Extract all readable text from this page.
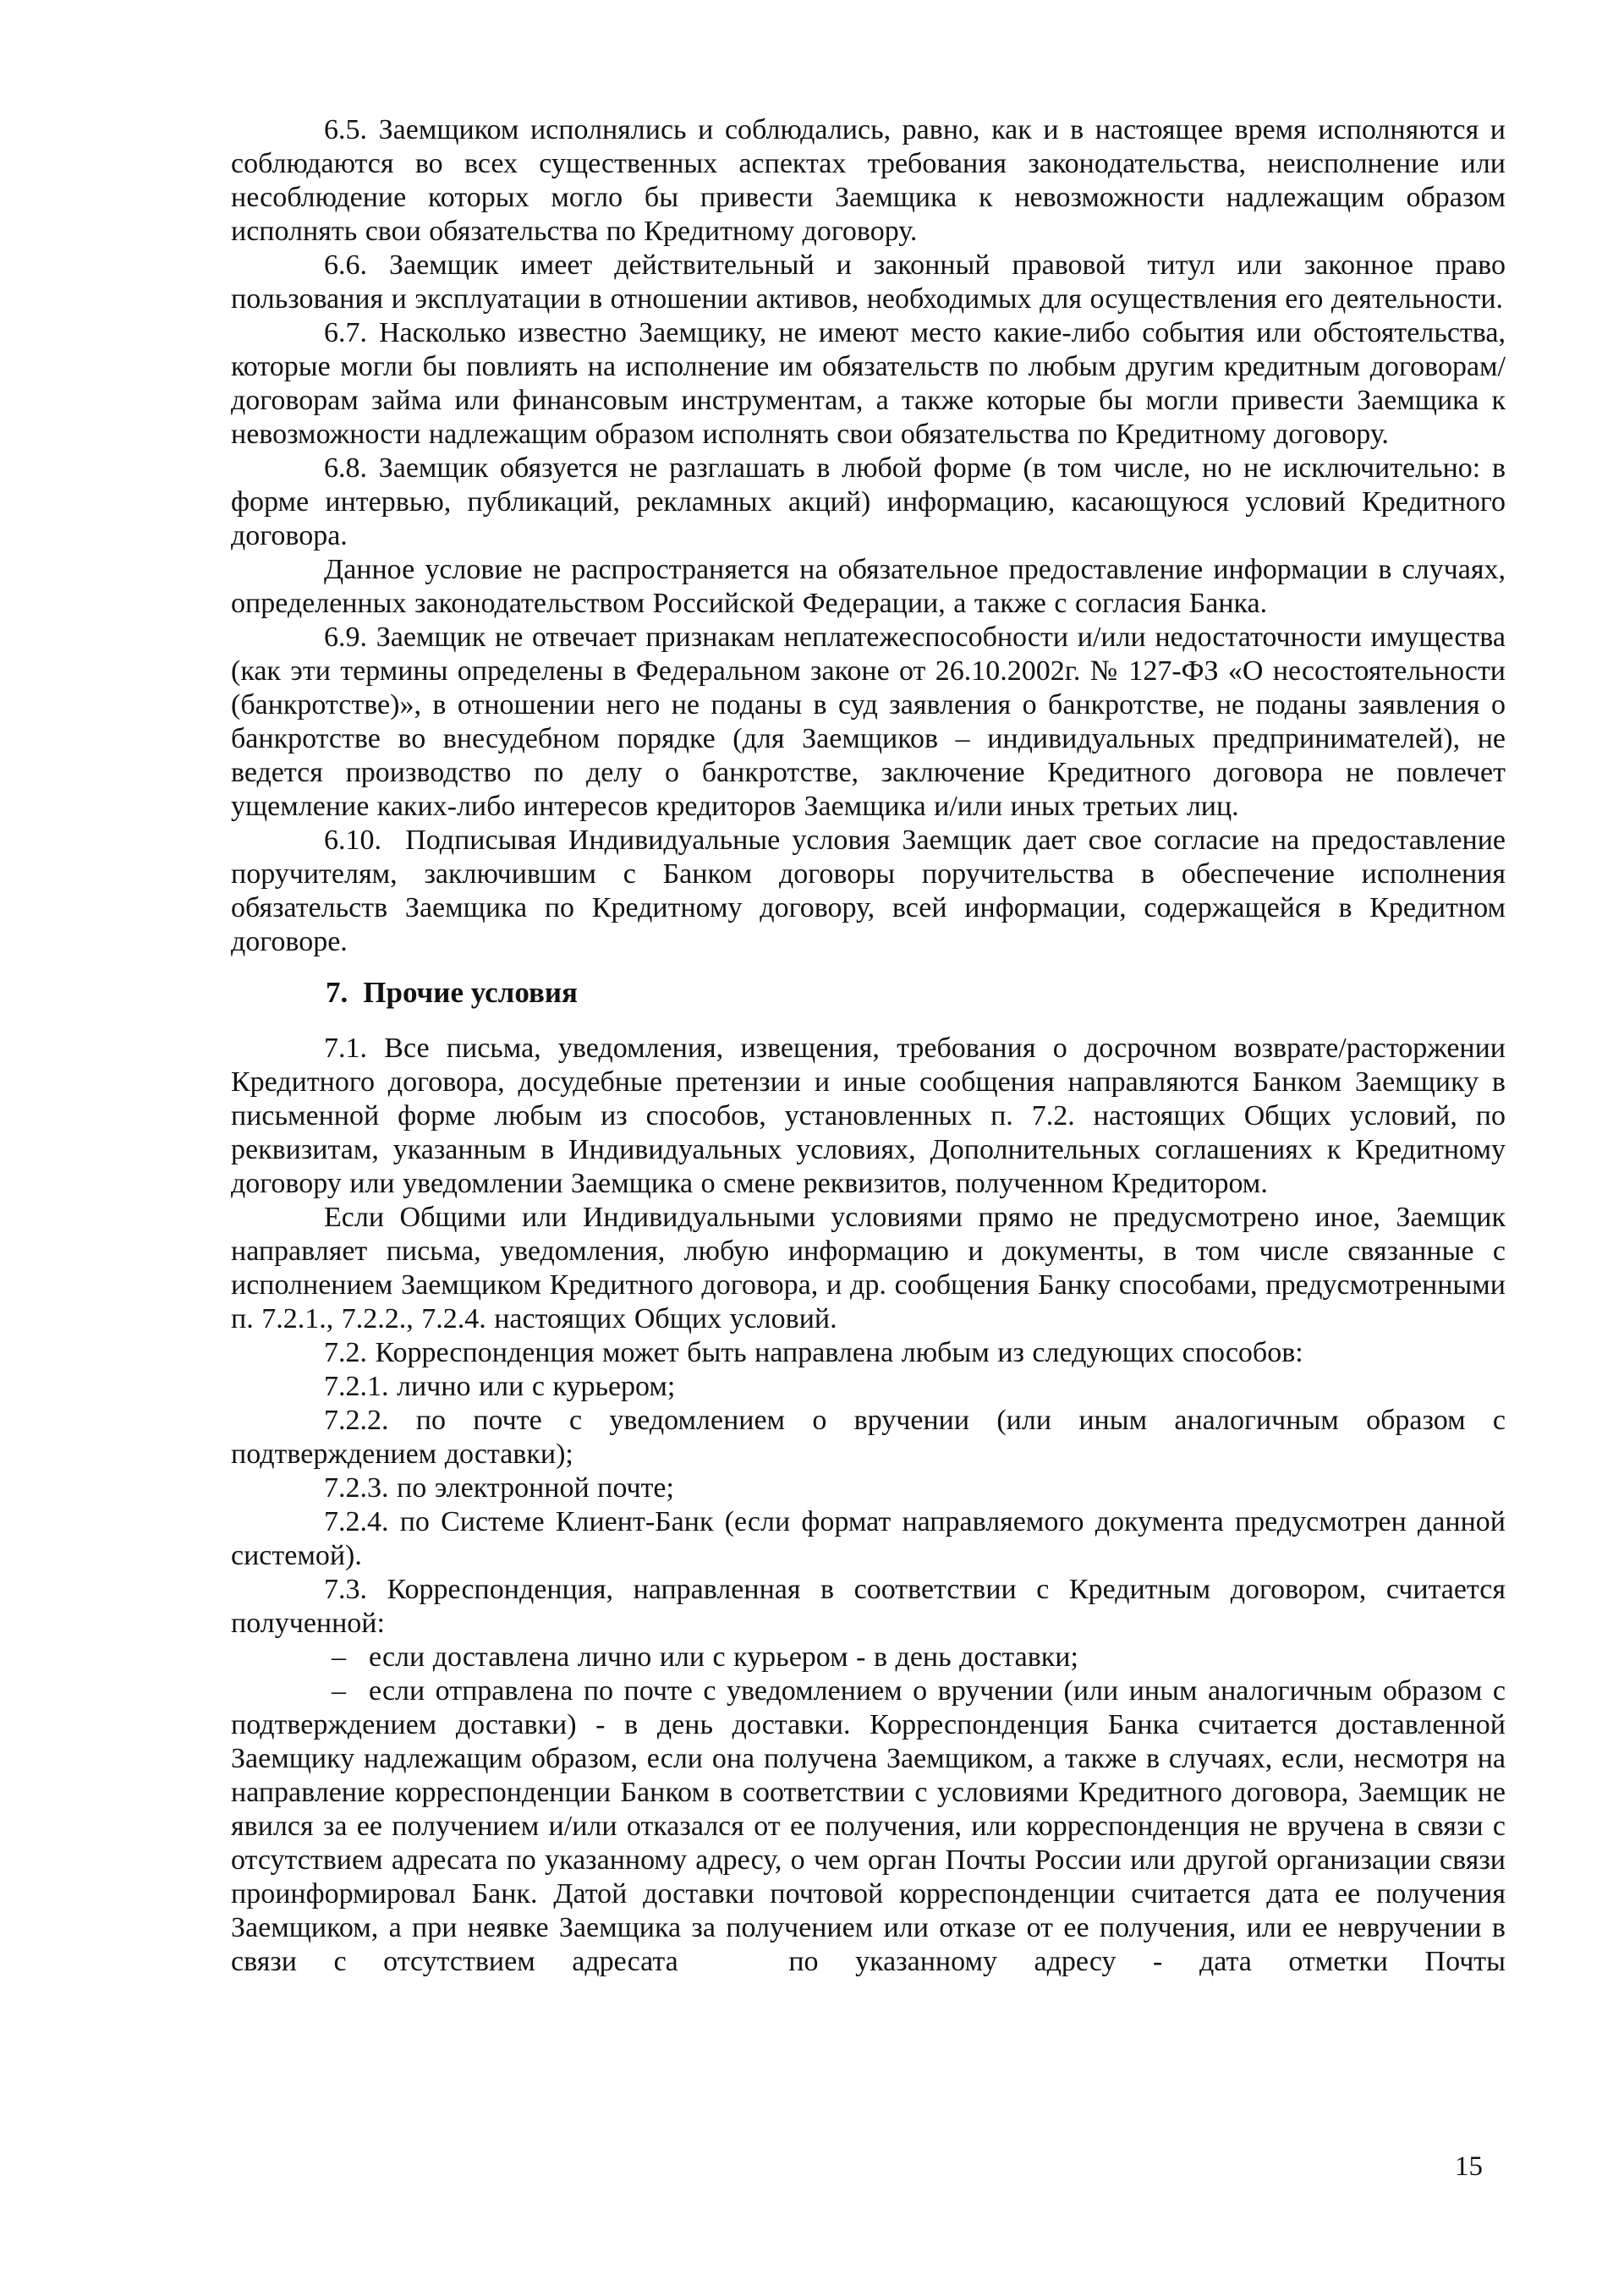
6.5. Заемщиком исполнялись и соблюдались, равно, как и в настоящее время исполняются и соблюдаются во всех существенных аспектах требования законодательства, неисполнение или несоблюдение которых могло бы привести Заемщика к невозможности надлежащим образом исполнять свои обязательства по Кредитному договору.

6.6. Заемщик имеет действительный и законный правовой титул или законное право пользования и эксплуатации в отношении активов, необходимых для осуществления его деятельности.

6.7. Насколько известно Заемщику, не имеют место какие-либо события или обстоятельства, которые могли бы повлиять на исполнение им обязательств по любым другим кредитным договорам/договорам займа или финансовым инструментам, а также которые бы могли привести Заемщика к невозможности надлежащим образом исполнять свои обязательства по Кредитному договору.

6.8. Заемщик обязуется не разглашать в любой форме (в том числе, но не исключительно: в форме интервью, публикаций, рекламных акций) информацию, касающуюся условий Кредитного договора.

Данное условие не распространяется на обязательное предоставление информации в случаях, определенных законодательством Российской Федерации, а также с согласия Банка.

6.9. Заемщик не отвечает признакам неплатежеспособности и/или недостаточности имущества (как эти термины определены в Федеральном законе от 26.10.2002г. № 127-ФЗ «О несостоятельности (банкротстве)», в отношении него не поданы в суд заявления о банкротстве, не поданы заявления о банкротстве во внесудебном порядке (для Заемщиков – индивидуальных предпринимателей), не ведется производство по делу о банкротстве, заключение Кредитного договора не повлечет ущемление каких-либо интересов кредиторов Заемщика и/или иных третьих лиц.

6.10.  Подписывая Индивидуальные условия Заемщик дает свое согласие на предоставление поручителям, заключившим с Банком договоры поручительства в обеспечение исполнения обязательств Заемщика по Кредитному договору, всей информации, содержащейся в Кредитном договоре.

7. Прочие условия

7.1. Все письма, уведомления, извещения, требования о досрочном возврате/расторжении Кредитного договора, досудебные претензии и иные сообщения направляются Банком Заемщику в письменной форме любым из способов, установленных п. 7.2. настоящих Общих условий, по реквизитам, указанным в Индивидуальных условиях, Дополнительных соглашениях к Кредитному договору или уведомлении Заемщика о смене реквизитов, полученном Кредитором.

Если Общими или Индивидуальными условиями прямо не предусмотрено иное, Заемщик направляет письма, уведомления, любую информацию и документы, в том числе связанные с исполнением Заемщиком Кредитного договора, и др. сообщения Банку способами, предусмотренными п. 7.2.1., 7.2.2., 7.2.4. настоящих Общих условий.

7.2. Корреспонденция может быть направлена любым из следующих способов:

7.2.1. лично или с курьером;

7.2.2. по почте с уведомлением о вручении (или иным аналогичным образом с подтверждением доставки);

7.2.3. по электронной почте;

7.2.4. по Системе Клиент-Банк (если формат направляемого документа предусмотрен данной системой).

7.3. Корреспонденция, направленная в соответствии с Кредитным договором, считается полученной:

– если доставлена лично или с курьером - в день доставки;

– если отправлена по почте с уведомлением о вручении (или иным аналогичным образом с подтверждением доставки) - в день доставки. Корреспонденция Банка считается доставленной Заемщику надлежащим образом, если она получена Заемщиком, а также в случаях, если, несмотря на направление корреспонденции Банком в соответствии с условиями Кредитного договора, Заемщик не явился за ее получением и/или отказался от ее получения, или корреспонденция не вручена в связи с отсутствием адресата по указанному адресу, о чем орган Почты России или другой организации связи проинформировал Банк. Датой доставки почтовой корреспонденции считается дата ее получения Заемщиком, а при неявке Заемщика за получением или отказе от ее получения, или ее невручении в связи с отсутствием адресата   по указанному адресу - дата отметки Почты

15
